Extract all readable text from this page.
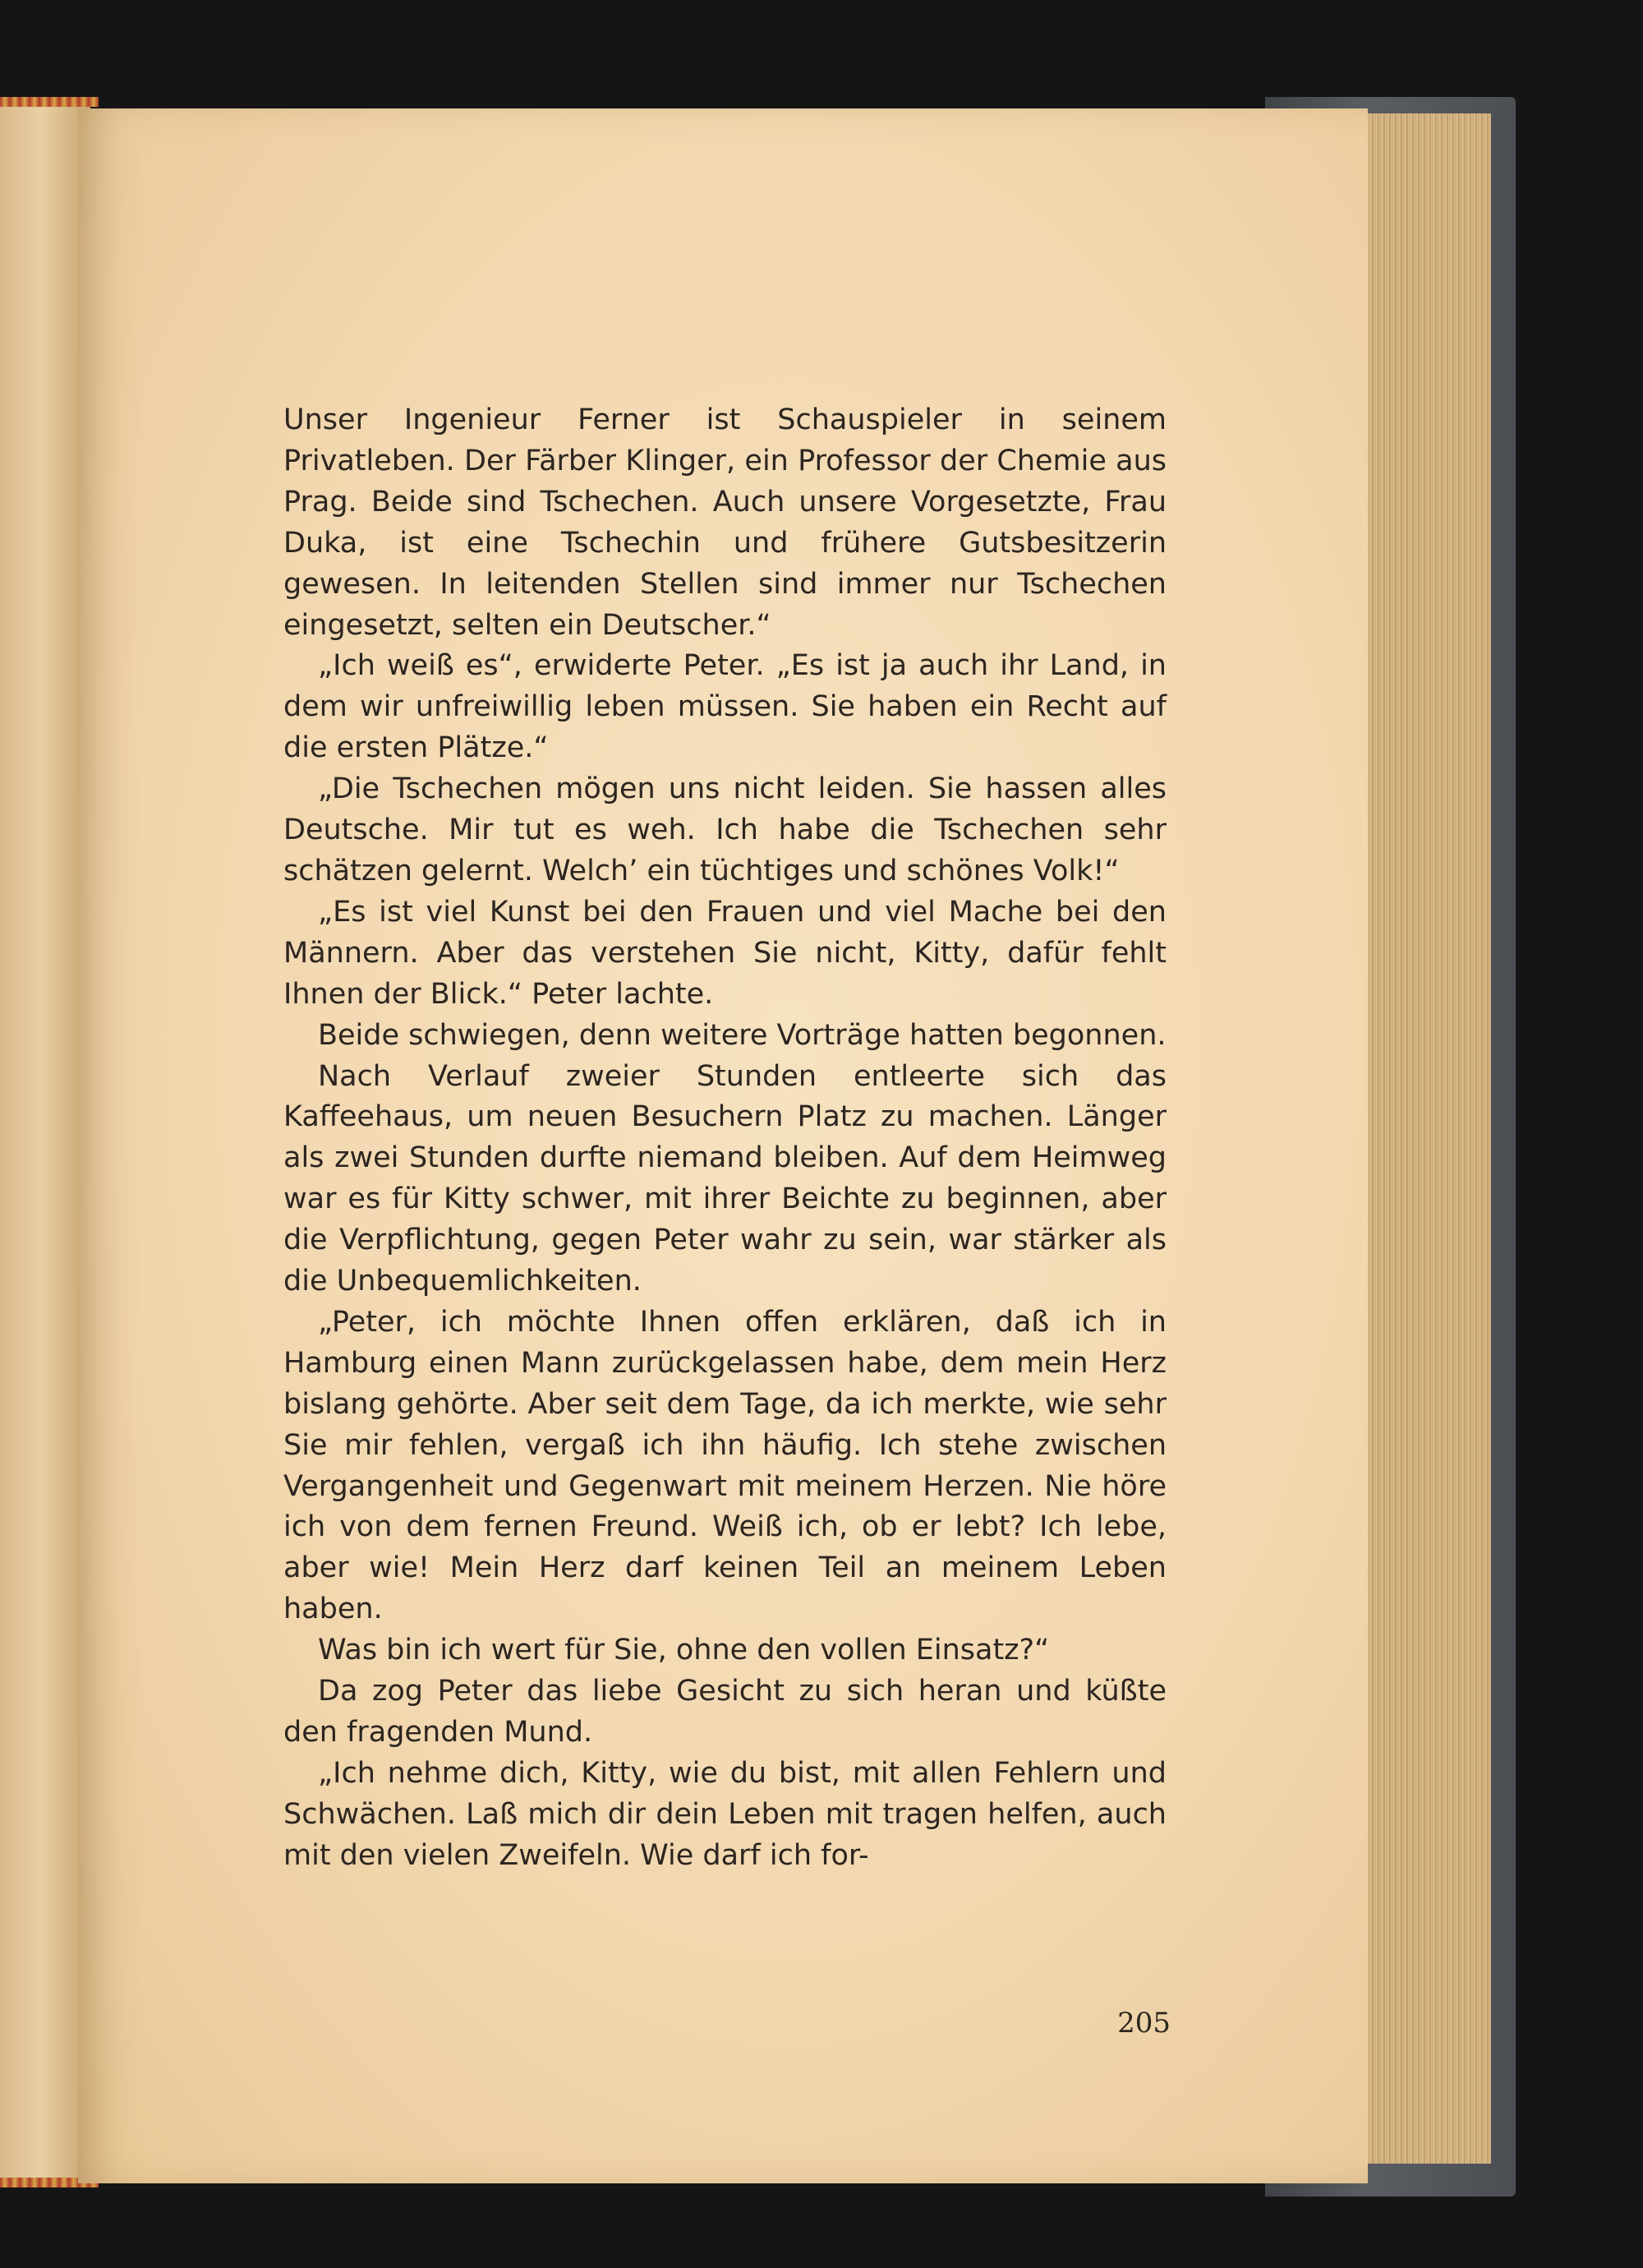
Unser Ingenieur Ferner ist Schauspieler in seinem Privatleben. Der Färber Klinger, ein Professor der Chemie aus Prag. Beide sind Tschechen. Auch unsere Vorgesetzte, Frau Duka, ist eine Tschechin und frühere Gutsbesitzerin gewesen. In leitenden Stellen sind immer nur Tschechen eingesetzt, selten ein Deutscher.“

„Ich weiß es“, erwiderte Peter. „Es ist ja auch ihr Land, in dem wir unfreiwillig leben müssen. Sie haben ein Recht auf die ersten Plätze.“

„Die Tschechen mögen uns nicht leiden. Sie hassen alles Deutsche. Mir tut es weh. Ich habe die Tschechen sehr schätzen gelernt. Welch’ ein tüchtiges und schönes Volk!“

„Es ist viel Kunst bei den Frauen und viel Mache bei den Männern. Aber das verstehen Sie nicht, Kitty, dafür fehlt Ihnen der Blick.“ Peter lachte.

Beide schwiegen, denn weitere Vorträge hatten begonnen.

Nach Verlauf zweier Stunden entleerte sich das Kaffeehaus, um neuen Besuchern Platz zu machen. Länger als zwei Stunden durfte niemand bleiben. Auf dem Heimweg war es für Kitty schwer, mit ihrer Beichte zu beginnen, aber die Verpflichtung, gegen Peter wahr zu sein, war stärker als die Unbequemlichkeiten.

„Peter, ich möchte Ihnen offen erklären, daß ich in Hamburg einen Mann zurückgelassen habe, dem mein Herz bislang gehörte. Aber seit dem Tage, da ich merkte, wie sehr Sie mir fehlen, vergaß ich ihn häufig. Ich stehe zwischen Vergangenheit und Gegenwart mit meinem Herzen. Nie höre ich von dem fernen Freund. Weiß ich, ob er lebt? Ich lebe, aber wie! Mein Herz darf keinen Teil an meinem Leben haben.

Was bin ich wert für Sie, ohne den vollen Einsatz?“

Da zog Peter das liebe Gesicht zu sich heran und küßte den fragenden Mund.

„Ich nehme dich, Kitty, wie du bist, mit allen Fehlern und Schwächen. Laß mich dir dein Leben mit tragen helfen, auch mit den vielen Zweifeln. Wie darf ich for-

205
